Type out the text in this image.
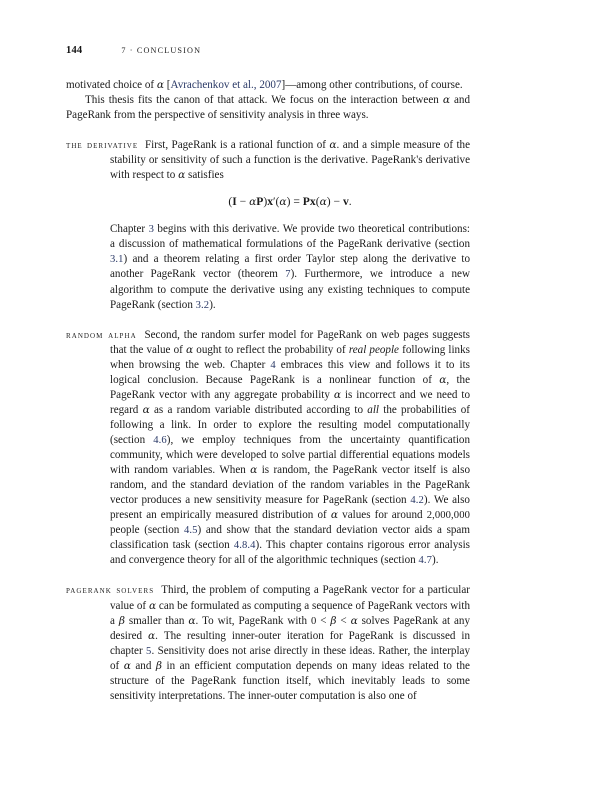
144	7 · CONCLUSION

motivated choice of α [Avrachenkov et al., 2007]—among other contributions, of course.

This thesis fits the canon of that attack. We focus on the interaction between α and PageRank from the perspective of sensitivity analysis in three ways.

the derivative First, PageRank is a rational function of α. and a simple measure of the stability or sensitivity of such a function is the derivative. PageRank's derivative with respect to α satisfies

(I − αP)x′(α) = Px(α) − v.

Chapter 3 begins with this derivative. We provide two theoretical contributions: a discussion of mathematical formulations of the PageRank derivative (section 3.1) and a theorem relating a first order Taylor step along the derivative to another PageRank vector (theorem 7). Furthermore, we introduce a new algorithm to compute the derivative using any existing techniques to compute PageRank (section 3.2).

random alpha Second, the random surfer model for PageRank on web pages suggests that the value of α ought to reflect the probability of real people following links when browsing the web. Chapter 4 embraces this view and follows it to its logical conclusion. Because PageRank is a nonlinear function of α, the PageRank vector with any aggregate probability α is incorrect and we need to regard α as a random variable distributed according to all the probabilities of following a link. In order to explore the resulting model computationally (section 4.6), we employ techniques from the uncertainty quantification community, which were developed to solve partial differential equations models with random variables. When α is random, the PageRank vector itself is also random, and the standard deviation of the random variables in the PageRank vector produces a new sensitivity measure for PageRank (section 4.2). We also present an empirically measured distribution of α values for around 2,000,000 people (section 4.5) and show that the standard deviation vector aids a spam classification task (section 4.8.4). This chapter contains rigorous error analysis and convergence theory for all of the algorithmic techniques (section 4.7).

pagerank solvers Third, the problem of computing a PageRank vector for a particular value of α can be formulated as computing a sequence of PageRank vectors with a β smaller than α. To wit, PageRank with 0 < β < α solves PageRank at any desired α. The resulting inner-outer iteration for PageRank is discussed in chapter 5. Sensitivity does not arise directly in these ideas. Rather, the interplay of α and β in an efficient computation depends on many ideas related to the structure of the PageRank function itself, which inevitably leads to some sensitivity interpretations. The inner-outer computation is also one of
